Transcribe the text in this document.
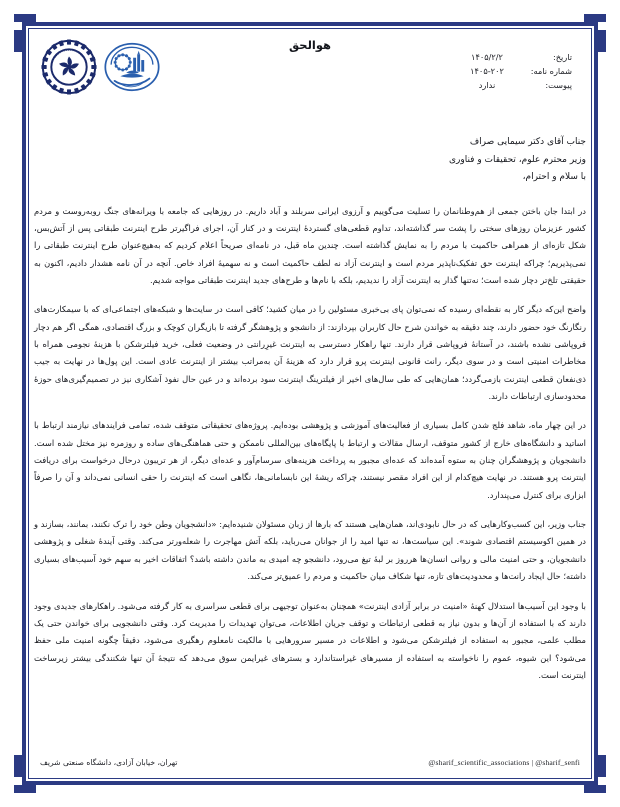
هوالحق
تاریخ:
۱۴۰۵/۲/۲
شماره نامه:
۱۴۰۵-۲۰۲
پیوست:
ندارد
جناب آقای دکتر سیمایی صراف
وزیر محترم علوم، تحقیقات و فناوری
با سلام و احترام،

در ابتدا جان باختن جمعی از هم‌وطنانمان را تسلیت می‌گوییم و آرزوی ایرانی سربلند و آباد داریم. در روزهایی که جامعه با ویرانه‌های جنگ روبه‌روست و مردم کشور عزیزمان روزهای سختی را پشت سر گذاشته‌اند، تداوم قطعی‌های گستردهٔ اینترنت و در کنار آن، اجرای فراگیرتر طرح اینترنت طبقاتی پس از آتش‌بس، شکل تازه‌ای از همراهی حاکمیت با مردم را به نمایش گذاشته است. چندین ماه قبل، در نامه‌ای صریحاً اعلام کردیم که به‌هیچ‌عنوان طرح اینترنت طبقاتی را نمی‌پذیریم؛ چراکه اینترنت حق تفکیک‌ناپذیر مردم است و اینترنت آزاد نه لطف حاکمیت است و نه سهمیهٔ افراد خاص. آنچه در آن نامه هشدار دادیم، اکنون به حقیقتی تلخ‌تر دچار شده است؛ نه‌تنها گذار به اینترنت آزاد را ندیدیم، بلکه با نام‌ها و طرح‌های جدید اینترنت طبقاتی مواجه شدیم.

واضح این‌که دیگر کار به نقطه‌ای رسیده که نمی‌توان پای بی‌خبری مسئولین را در میان کشید؛ کافی است در سایت‌ها و شبکه‌های اجتماعی‌ای که با سیمکارت‌های رنگارنگ خود حضور دارند، چند دقیقه به خواندن شرح حال کاربران بپردازند: از دانشجو و پژوهشگر گرفته تا بازیگران کوچک و بزرگ اقتصادی، همگی اگر هم دچار فروپاشی نشده باشند، در آستانهٔ فروپاشی قرار دارند. تنها راهکار دسترسی به اینترنت غیرِرانتی در وضعیت فعلی، خرید فیلترشکن با هزینهٔ نجومی همراه با مخاطرات امنیتی است و در سوی دیگر، رانت قانونی اینترنت پرو قرار دارد که هزینهٔ آن به‌مراتب بیشتر از اینترنت عادی است. این پول‌ها در نهایت به جیب ذی‌نفعان قطعی اینترنت بازمی‌گردد؛ همان‌هایی که طی سال‌های اخیر از فیلترینگ اینترنت سود برده‌اند و در عین حال نفوذ آشکاری نیز در تصمیم‌گیری‌های حوزهٔ محدودسازی ارتباطات دارند.

در این چهار ماه، شاهد فلج شدن کامل بسیاری از فعالیت‌های آموزشی و پژوهشی بوده‌ایم. پروژه‌های تحقیقاتی متوقف شده، تمامی فرایندهای نیازمند ارتباط با اساتید و دانشگاه‌های خارج از کشور متوقف، ارسال مقالات و ارتباط با پایگاه‌های بین‌المللی ناممکن و حتی هماهنگی‌های ساده و روزمره نیز مختل شده است. دانشجویان و پژوهشگران چنان به ستوه آمده‌اند که عده‌ای مجبور به پرداخت هزینه‌های سرسام‌آور و عده‌ای دیگر، از هر تریبون درحال درخواست برای دریافت اینترنت پرو هستند. در نهایت هیچ‌کدام از این افراد مقصر نیستند، چراکه ریشهٔ این نابسامانی‌ها، نگاهی است که اینترنت را حقی انسانی نمی‌داند و آن را صرفاً ابزاری برای کنترل می‌پندارد.

جناب وزیر، این کسب‌وکارهایی که در حال نابودی‌اند، همان‌هایی هستند که بارها از زبان مسئولان شنیده‌ایم: «دانشجویان وطن خود را ترک نکنند، بمانند، بسازند و در همین اکوسیستم اقتصادی شوند». این سیاست‌ها، نه تنها امید را از جوانان می‌رباید، بلکه آتش مهاجرت را شعله‌ورتر می‌کند. وقتی آیندهٔ شغلی و پژوهشی دانشجویان، و حتی امنیت مالی و روانی انسان‌ها هرروز بر لبهٔ تیغ می‌رود، دانشجو چه امیدی به ماندن داشته باشد؟ اتفاقات اخیر به سهم خود آسیب‌های بسیاری داشته؛ حال ایجاد رانت‌ها و محدودیت‌های تازه، تنها شکاف میان حاکمیت و مردم را عمیق‌تر می‌کند.

با وجود این آسیب‌ها استدلال کهنهٔ «امنیت در برابر آزادی اینترنت» همچنان به‌عنوان توجیهی برای قطعی سراسری به کار گرفته می‌شود. راهکارهای جدیدی وجود دارند که با استفاده از آن‌ها و بدون نیاز به قطعی ارتباطات و توقف جریان اطلاعات، می‌توان تهدیدات را مدیریت کرد. وقتی دانشجویی برای خواندن حتی یک مطلب علمی، مجبور به استفاده از فیلترشکن می‌شود و اطلاعات در مسیر سرورهایی با مالکیت نامعلوم رهگیری می‌شود، دقیقاً چگونه امنیت ملی حفظ می‌شود؟ این شیوه، عموم را ناخواسته به استفاده از مسیرهای غیراستاندارد و بسترهای غیرایمن سوق می‌دهد که نتیجهٔ آن تنها شکنندگی بیشتر زیرساخت اینترنت است.

@sharif_scientific_associations | @sharif_senfi
تهران، خیابان آزادی، دانشگاه صنعتی شریف
